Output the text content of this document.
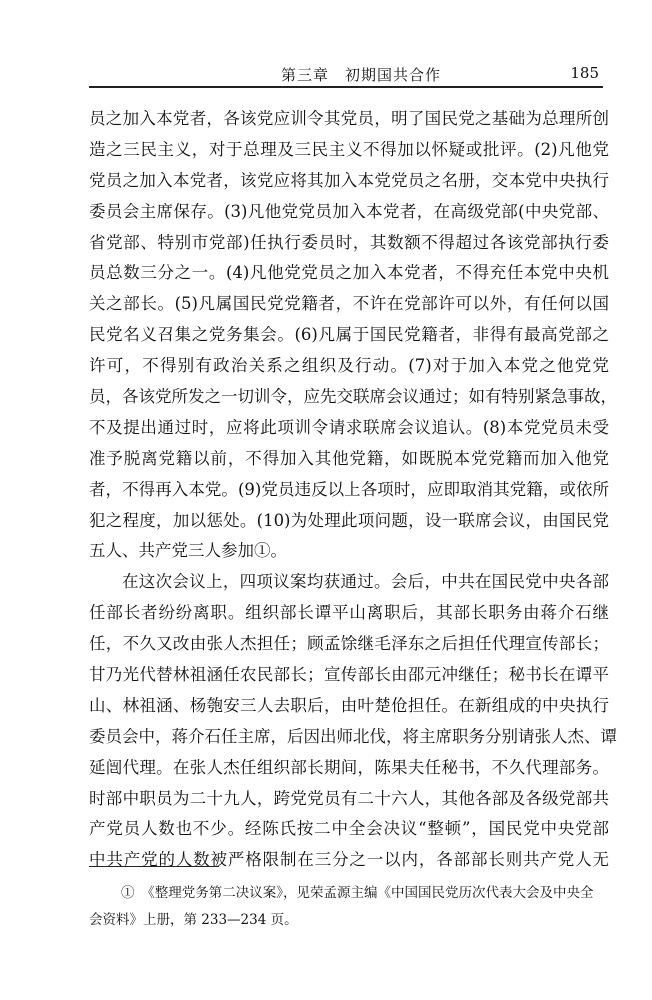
第三章　初期国共合作	185
员之加入本党者，各该党应训令其党员，明了国民党之基础为总理所创
造之三民主义，对于总理及三民主义不得加以怀疑或批评。(2)凡他党
党员之加入本党者，该党应将其加入本党党员之名册，交本党中央执行
委员会主席保存。(3)凡他党党员加入本党者，在高级党部(中央党部、
省党部、特别市党部)任执行委员时，其数额不得超过各该党部执行委
员总数三分之一。(4)凡他党党员之加入本党者，不得充任本党中央机
关之部长。(5)凡属国民党党籍者，不许在党部许可以外，有任何以国
民党名义召集之党务集会。(6)凡属于国民党籍者，非得有最高党部之
许可，不得别有政治关系之组织及行动。(7)对于加入本党之他党党
员，各该党所发之一切训令，应先交联席会议通过；如有特别紧急事故，
不及提出通过时，应将此项训令请求联席会议追认。(8)本党党员未受
准予脱离党籍以前，不得加入其他党籍，如既脱本党党籍而加入他党
者，不得再入本党。(9)党员违反以上各项时，应即取消其党籍，或依所
犯之程度，加以惩处。(10)为处理此项问题，设一联席会议，由国民党
五人、共产党三人参加①。
在这次会议上，四项议案均获通过。会后，中共在国民党中央各部
任部长者纷纷离职。组织部长谭平山离职后，其部长职务由蒋介石继
任，不久又改由张人杰担任；顾孟馀继毛泽东之后担任代理宣传部长；
甘乃光代替林祖涵任农民部长；宣传部长由邵元冲继任；秘书长在谭平
山、林祖涵、杨匏安三人去职后，由叶楚伧担任。在新组成的中央执行
委员会中，蒋介石任主席，后因出师北伐，将主席职务分别请张人杰、谭
延闿代理。在张人杰任组织部长期间，陈果夫任秘书，不久代理部务。
时部中职员为二十九人，跨党党员有二十六人，其他各部及各级党部共
产党员人数也不少。经陈氏按二中全会决议“整顿”，国民党中央党部
中共产党的人数被严格限制在三分之一以内，各部部长则共产党人无
①　《整理党务第二决议案》，见荣孟源主编《中国国民党历次代表大会及中央全
会资料》上册，第 233—234 页。
